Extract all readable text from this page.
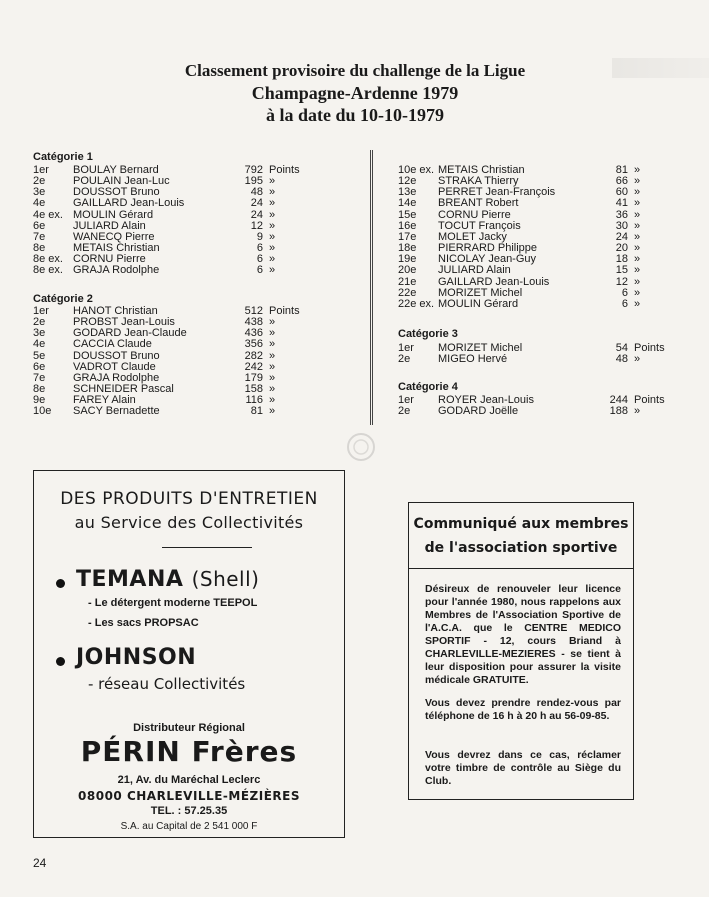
Classement provisoire du challenge de la Ligue
Champagne-Ardenne 1979
à la date du 10-10-1979
Catégorie 1
1er	BOULAY Bernard	792	Points
2e	POULAIN Jean-Luc	195	»
3e	DOUSSOT Bruno	48	»
4e	GAILLARD Jean-Louis	24	»
4e ex.	MOULIN Gérard	24	»
6e	JULIARD Alain	12	»
7e	WANECQ Pierre	9	»
8e	METAIS Christian	6	»
8e ex.	CORNU Pierre	6	»
8e ex.	GRAJA Rodolphe	6	»
Catégorie 2
1er	HANOT Christian	512	Points
2e	PROBST Jean-Louis	438	»
3e	GODARD Jean-Claude	436	»
4e	CACCIA Claude	356	»
5e	DOUSSOT Bruno	282	»
6e	VADROT Claude	242	»
7e	GRAJA Rodolphe	179	»
8e	SCHNEIDER Pascal	158	»
9e	FAREY Alain	116	»
10e	SACY Bernadette	81	»
10e ex.	METAIS Christian	81	»
12e	STRAKA Thierry	66	»
13e	PERRET Jean-François	60	»
14e	BREANT Robert	41	»
15e	CORNU Pierre	36	»
16e	TOCUT François	30	»
17e	MOLET Jacky	24	»
18e	PIERRARD Philippe	20	»
19e	NICOLAY Jean-Guy	18	»
20e	JULIARD Alain	15	»
21e	GAILLARD Jean-Louis	12	»
22e	MORIZET Michel	6	»
22e ex.	MOULIN Gérard	6	»
Catégorie 3
1er	MORIZET Michel	54	Points
2e	MIGEO Hervé	48	»
Catégorie 4
1er	ROYER Jean-Louis	244	Points
2e	GODARD Joëlle	188	»
DES PRODUITS D'ENTRETIEN
au Service des Collectivités
TEMANA (Shell)
- Le détergent moderne TEEPOL
- Les sacs PROPSAC
JOHNSON
- réseau Collectivités
Distributeur Régional
PÉRIN Frères
21, Av. du Maréchal Leclerc
08000 CHARLEVILLE-MÉZIÈRES
TEL. : 57.25.35
S.A. au Capital de 2 541 000 F
Communiqué aux membres
de l'association sportive
Désireux de renouveler leur licence pour l'année 1980, nous rappelons aux Membres de l'Association Sportive de l'A.C.A. que le CENTRE MEDICO SPORTIF - 12, cours Briand à CHARLEVILLE-MEZIERES - se tient à leur disposition pour assurer la visite médicale GRATUITE.
Vous devez prendre rendez-vous par téléphone de 16 h à 20 h au 56-09-85.
Vous devrez dans ce cas, réclamer votre timbre de contrôle au Siège du Club.
24
